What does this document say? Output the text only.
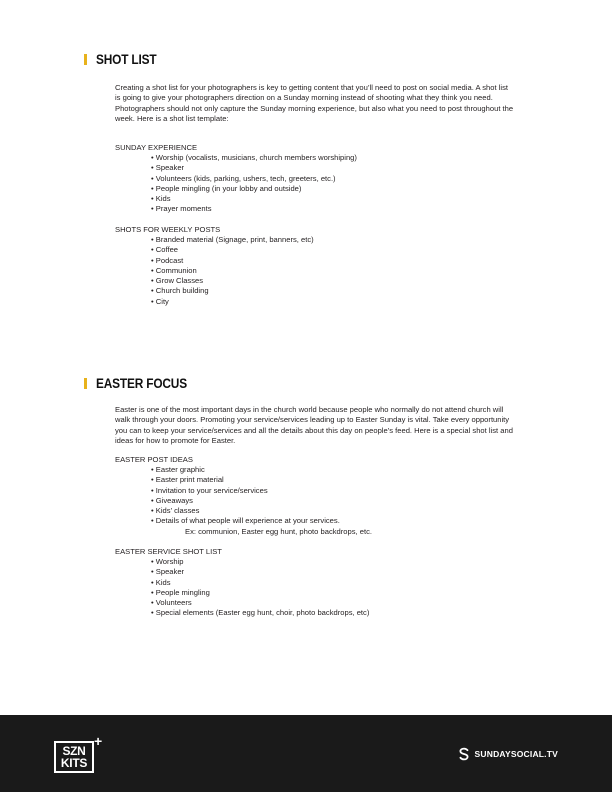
SHOT LIST

Creating a shot list for your photographers is key to getting content that you’ll need to post on social media. A shot list is going to give your photographers direction on a Sunday morning instead of shooting what they think you need. Photographers should not only capture the Sunday morning experience, but also what you need to post throughout the week. Here is a shot list template:

SUNDAY EXPERIENCE
• Worship (vocalists, musicians, church members worshiping)
• Speaker
• Volunteers (kids, parking, ushers, tech, greeters, etc.)
• People mingling (in your lobby and outside)
• Kids
• Prayer moments
SHOTS FOR WEEKLY POSTS
• Branded material (Signage, print, banners, etc)
• Coffee
• Podcast
• Communion
• Grow Classes
• Church building
• City
EASTER FOCUS

Easter is one of the most important days in the church world because people who normally do not attend church will walk through your doors. Promoting your service/services leading up to Easter Sunday is vital. Take every opportunity you can to keep your service/services and all the details about this day on people’s feed. Here is a special shot list and ideas for how to promote for Easter.

EASTER POST IDEAS
• Easter graphic
• Easter print material
• Invitation to your service/services
• Giveaways
• Kids’ classes
• Details of what people will experience at your services.
Ex: communion, Easter egg hunt, photo backdrops, etc.
EASTER SERVICE SHOT LIST
• Worship
• Speaker
• Kids
• People mingling
• Volunteers
• Special elements (Easter egg hunt, choir, photo backdrops, etc)
SZN
KITS
+
SUNDAYSOCIAL.TV
